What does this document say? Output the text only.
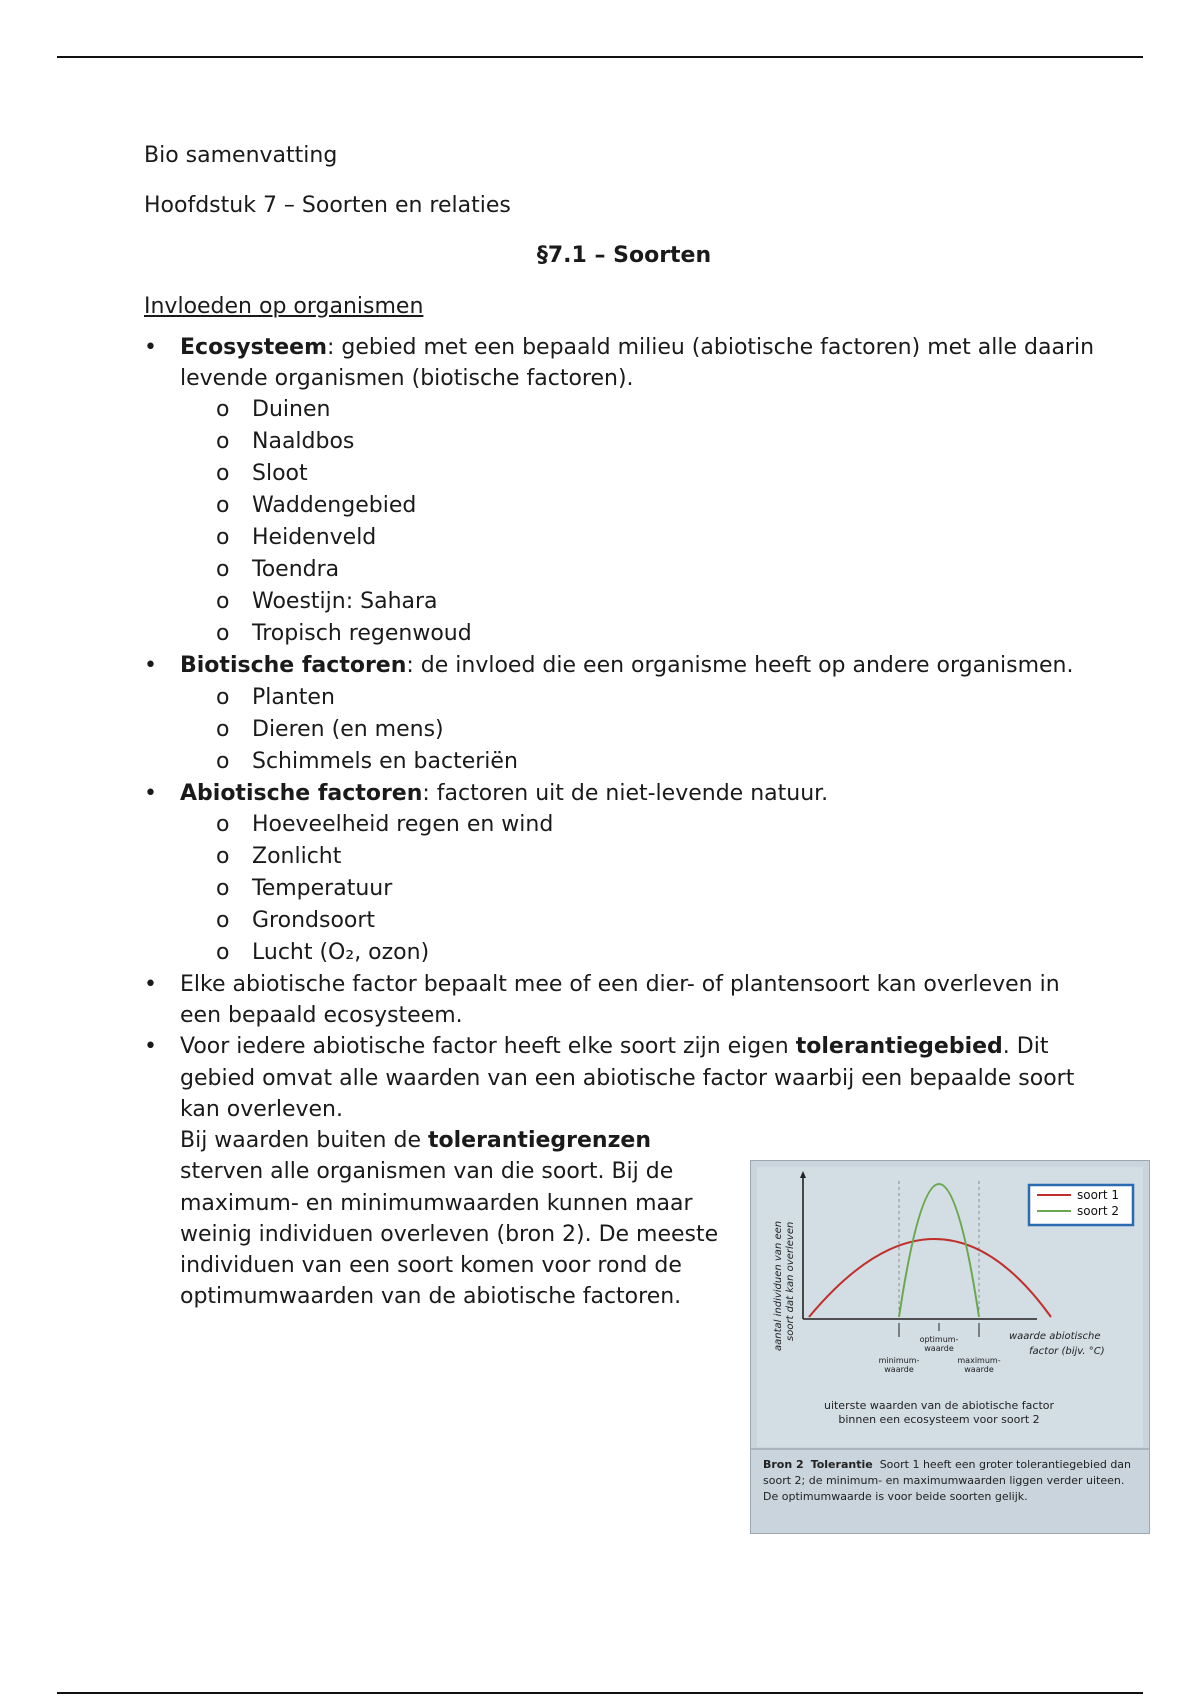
Bio samenvatting

Hoofdstuk 7 – Soorten en relaties

§7.1 – Soorten

Invloeden op organismen

• Ecosysteem: gebied met een bepaald milieu (abiotische factoren) met alle daarin levende organismen (biotische factoren).
o Duinen
o Naaldbos
o Sloot
o Waddengebied
o Heidenveld
o Toendra
o Woestijn: Sahara
o Tropisch regenwoud
• Biotische factoren: de invloed die een organisme heeft op andere organismen.
o Planten
o Dieren (en mens)
o Schimmels en bacteriën
• Abiotische factoren: factoren uit de niet-levende natuur.
o Hoeveelheid regen en wind
o Zonlicht
o Temperatuur
o Grondsoort
o Lucht (O₂, ozon)
• Elke abiotische factor bepaalt mee of een dier- of plantensoort kan overleven in een bepaald ecosysteem.
• Voor iedere abiotische factor heeft elke soort zijn eigen tolerantiegebied. Dit gebied omvat alle waarden van een abiotische factor waarbij een bepaalde soort kan overleven.
Bij waarden buiten de tolerantiegrenzen sterven alle organismen van die soort. Bij de maximum- en minimumwaarden kunnen maar weinig individuen overleven (bron 2). De meeste individuen van een soort komen voor rond de optimumwaarden van de abiotische factoren.
soort 1
soort 2
aantal individuen van een soort dat kan overleven	waarde abiotische
factor (bijv. °C)
optimum-
waarde
minimum-
waarde
maximum-
waarde
uiterste waarden van de abiotische factor
binnen een ecosysteem voor soort 2
Bron 2 Tolerantie Soort 1 heeft een groter tolerantiegebied dan soort 2; de minimum- en maximumwaarden liggen verder uiteen. De optimumwaarde is voor beide soorten gelijk.
